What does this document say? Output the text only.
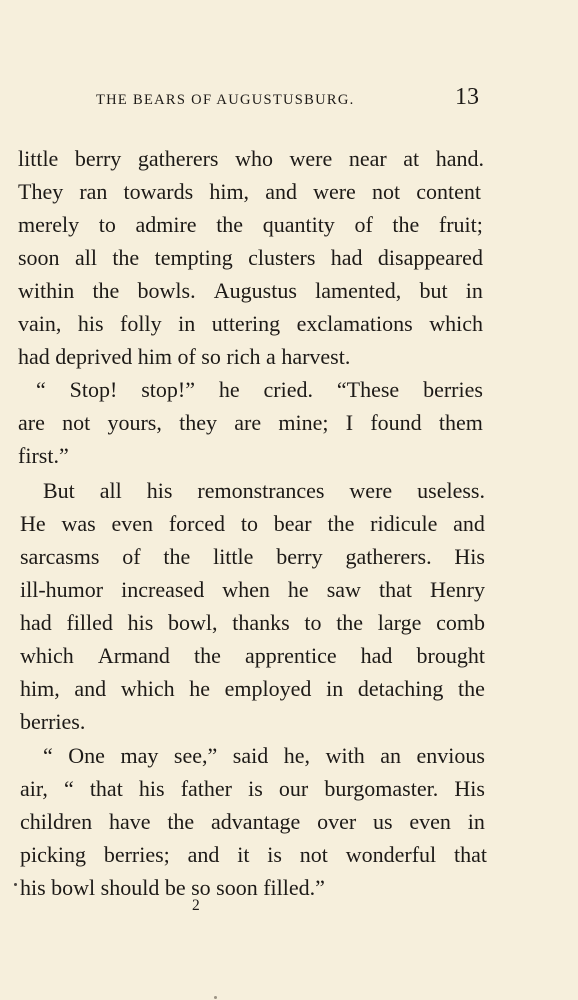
THE BEARS OF AUGUSTUSBURG.	13
little berry gatherers who were near at hand.
They ran towards him, and were not content
merely to admire the quantity of the fruit;
soon all the tempting clusters had disappeared
within the bowls. Augustus lamented, but in
vain, his folly in uttering exclamations which
had deprived him of so rich a harvest.
“ Stop! stop!” he cried. “These berries
are not yours, they are mine; I found them
first.”
But all his remonstrances were useless.
He was even forced to bear the ridicule and
sarcasms of the little berry gatherers. His
ill-humor increased when he saw that Henry
had filled his bowl, thanks to the large comb
which Armand the apprentice had brought
him, and which he employed in detaching the
berries.
“ One may see,” said he, with an envious
air, “ that his father is our burgomaster. His
children have the advantage over us even in
picking berries; and it is not wonderful that
his bowl should be so soon filled.”
2
